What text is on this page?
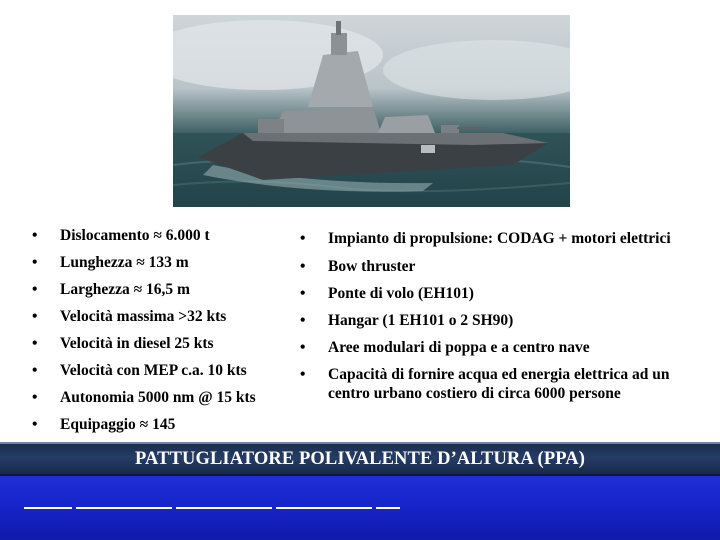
• Dislocamento ≈ 6.000 t
• Lunghezza ≈ 133 m
• Larghezza ≈ 16,5 m
• Velocità massima >32 kts
• Velocità in diesel 25 kts
• Velocità con MEP c.a. 10 kts
• Autonomia 5000 nm @ 15 kts
• Equipaggio ≈ 145
• Impianto di propulsione: CODAG + motori elettrici
• Bow thruster
• Ponte di volo (EH101)
• Hangar (1 EH101 o 2 SH90)
• Aree modulari di poppa e a centro nave
• Capacità di fornire acqua ed energia elettrica ad un centro urbano costiero di circa 6000 persone
PATTUGLIATORE POLIVALENTE D’ALTURA (PPA)
